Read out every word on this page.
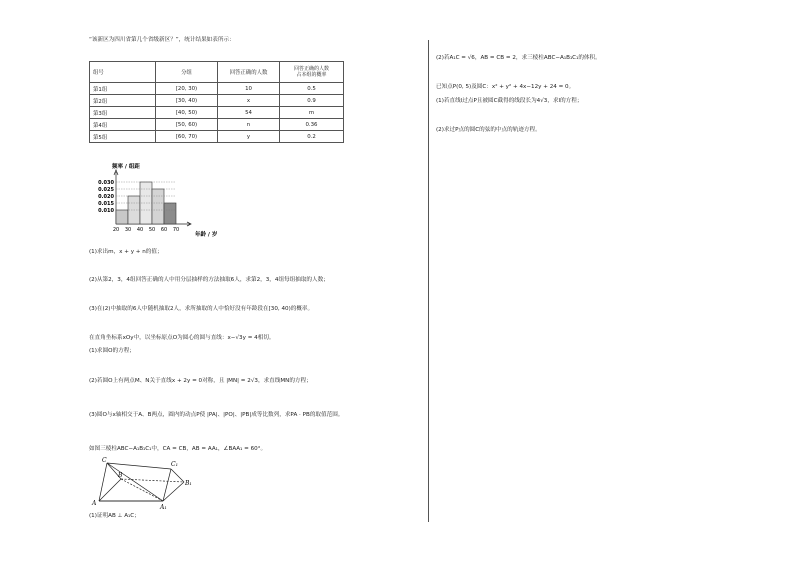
“该新区为四川省第几个省级新区？”，统计结果如表所示：
组号	分组	回答正确的人数	回答正确的人数
占本组的概率

第1组	[20, 30)	10	0.5
第2组	[30, 40)	x	0.9
第3组	[40, 50)	54	m
第4组	[50, 60)	n	0.36
第5组	[60, 70)	y	0.2
频率 / 组距
年龄 / 岁
0.030
0.025
0.020
0.015
0.010
20 30 40 50 60 70
(1)求出m，x + y + n的值；
(2)从第2，3，4组回答正确的人中用分层抽样的方法抽取6人，求第2，3，4组每组抽取的人数；
(3)在(2)中抽取的6人中随机抽取2人，求所抽取的人中恰好没有年龄段在[30, 40)的概率。
在直角坐标系xOy中，以坐标原点O为圆心的圆与直线：x−√3y = 4相切。
(1)求圆O的方程；
(2)若圆O上有两点M、N关于直线x + 2y = 0对称，且 |MN| = 2√3，求直线MN的方程；
(3)圆O与x轴相交于A、B两点，圆内的动点P使 |PA|、|PO|、|PB|成等比数列，求PA · PB的取值范围。
如图三棱柱ABC−A₁B₁C₁中，CA = CB，AB = AA₁，∠BAA₁ = 60°。
C
C₁
B
B₁
A
A₁
(1)证明AB ⊥ A₁C；
(2)若A₁C = √6，AB = CB = 2，求三棱柱ABC−A₁B₁C₁的体积。
已知点P(0, 5)及圆C：x² + y² + 4x−12y + 24 = 0。
(1)若直线l过点P且被圆C截得的线段长为4√3，求l的方程；
(2)求过P点的圆C的弦的中点的轨迹方程。
